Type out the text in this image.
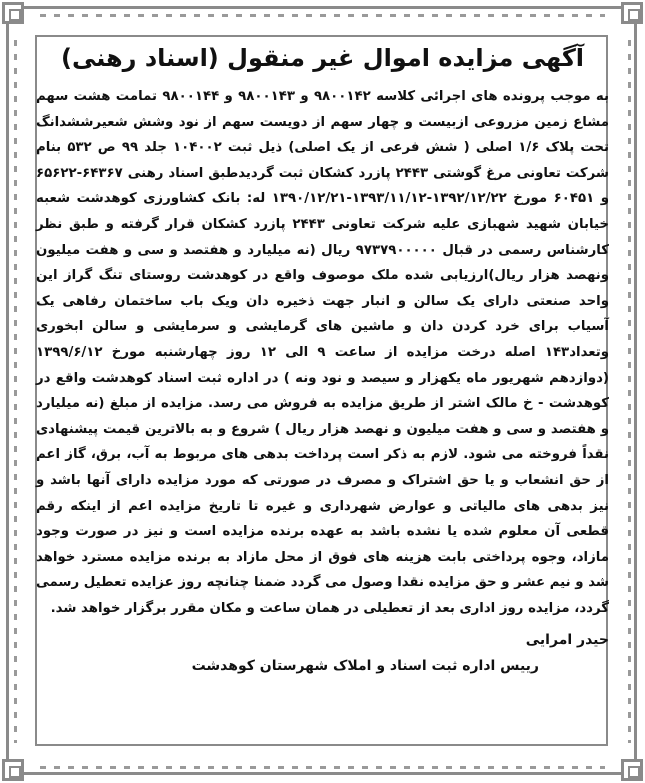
آگهی مزایده اموال غیر منقول (اسناد رهنی)

به موجب پرونده های اجرائی کلاسه ۹۸۰۰۱۴۲ و ۹۸۰۰۱۴۳ و ۹۸۰۰۱۴۴ تمامت هشت سهم مشاع زمین مزروعی ازبیست و چهار سهم از دویست سهم از نود وشش شعیرششدانگ تحت پلاک ۱/۶ اصلی ( شش فرعی از یک اصلی) ذیل ثبت ۱۰۴۰۰۲ جلد ۹۹ ص ۵۳۲ بنام شرکت تعاونی مرغ گوشتی ۲۴۴۳ پازرد کشکان ثبت گردیدطبق اسناد رهنی ۶۴۳۶۷-۶۵۶۲۲ و ۶۰۴۵۱ مورخ ۱۳۹۲/۱۲/۲۲-۱۳۹۳/۱۱/۱۲-۱۳۹۰/۱۲/۲۱ له: بانک کشاورزی کوهدشت شعبه خیابان شهید شهبازی علیه شرکت تعاونی ۲۴۴۳ پازرد کشکان قرار گرفته و طبق نظر کارشناس رسمی در قبال ۹۷۳۷۹۰۰۰۰۰ ریال (نه میلیارد و هفتصد و سی و هفت میلیون ونهصد هزار ریال)ارزیابی شده ملک موصوف واقع در کوهدشت روستای تنگ گراز این واحد صنعتی دارای یک سالن و انبار جهت ذخیره دان ویک باب ساختمان رفاهی یک آسیاب برای خرد کردن دان و ماشین های گرمایشی و سرمایشی و سالن ابخوری وتعداد۱۴۳ اصله درخت مزایده از ساعت ۹ الی ۱۲ روز چهارشنبه مورخ ۱۳۹۹/۶/۱۲ (دوازدهم شهریور ماه یکهزار و سیصد و نود ونه ) در اداره ثبت اسناد کوهدشت واقع در کوهدشت - خ مالک اشتر از طریق مزایده به فروش می رسد. مزایده از مبلغ (نه میلیارد و هفتصد و سی و هفت میلیون و نهصد هزار ریال ) شروع و به بالاترین قیمت پیشنهادی نقداً فروخته می شود. لازم به ذکر است پرداخت بدهی های مربوط به آب، برق، گاز اعم از حق انشعاب و یا حق اشتراک و مصرف در صورتی که مورد مزایده دارای آنها باشد و نیز بدهی های مالیاتی و عوارض شهرداری و غیره تا تاریخ مزایده اعم از اینکه رقم قطعی آن معلوم شده یا نشده باشد به عهده برنده مزایده است و نیز در صورت وجود مازاد، وجوه پرداختی بابت هزینه های فوق از محل مازاد به برنده مزایده مسترد خواهد شد و نیم عشر و حق مزایده نقدا وصول می گردد ضمنا چنانچه روز عزایده تعطیل رسمی گردد، مزایده روز اداری بعد از تعطیلی در همان ساعت و مکان مقرر برگزار خواهد شد.

حیدر امرایی
رییس اداره ثبت اسناد و املاک شهرستان کوهدشت
